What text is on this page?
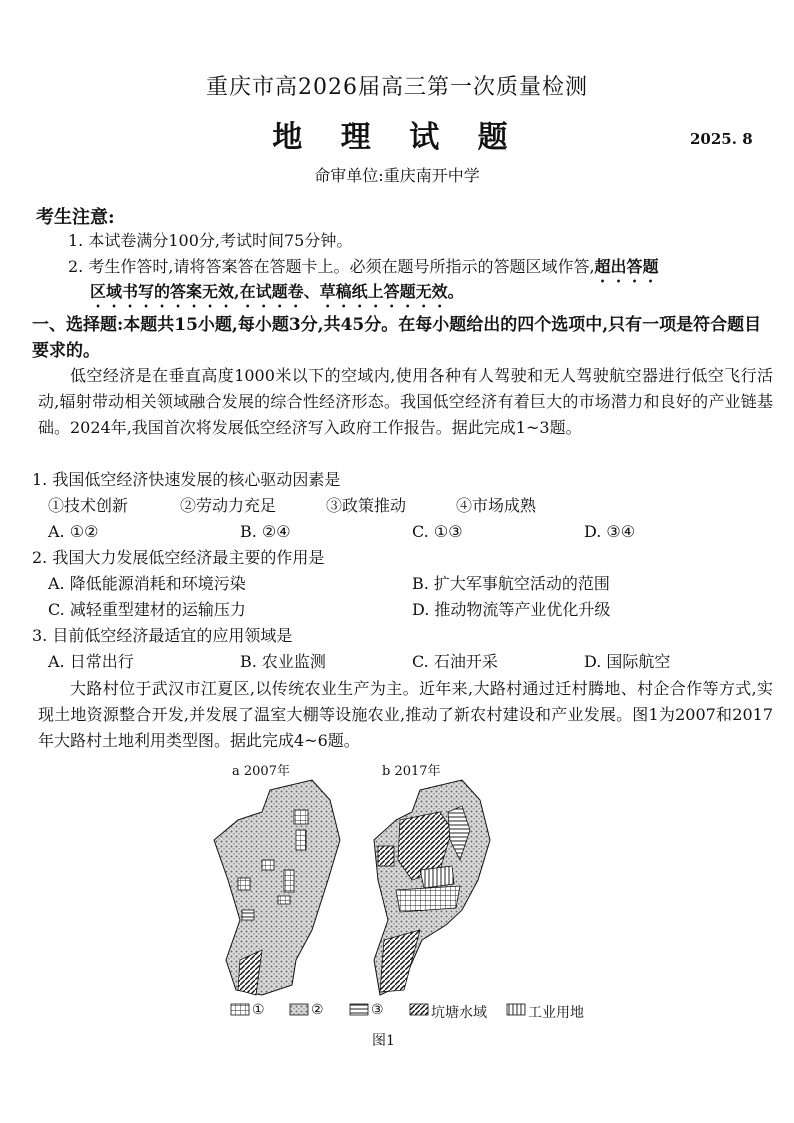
重庆市高2026届高三第一次质量检测
地 理 试 题	2025. 8
命审单位:重庆南开中学
考生注意:
1. 本试卷满分100分,考试时间75分钟。
2. 考生作答时,请将答案答在答题卡上。必须在题号所指示的答题区域作答,超出答题
区域书写的答案无效,在试题卷、草稿纸上答题无效。
一、选择题:本题共15小题,每小题3分,共45分。在每小题给出的四个选项中,只有一项是符合题目要求的。
低空经济是在垂直高度1000米以下的空域内,使用各种有人驾驶和无人驾驶航空器进行低空飞行活动,辐射带动相关领域融合发展的综合性经济形态。我国低空经济有着巨大的市场潜力和良好的产业链基础。2024年,我国首次将发展低空经济写入政府工作报告。据此完成1~3题。
1. 我国低空经济快速发展的核心驱动因素是
①技术创新	②劳动力充足	③政策推动	④市场成熟
A. ①②	B. ②④	C. ①③	D. ③④
2. 我国大力发展低空经济最主要的作用是
A. 降低能源消耗和环境污染	B. 扩大军事航空活动的范围
C. 减轻重型建材的运输压力	D. 推动物流等产业优化升级
3. 目前低空经济最适宜的应用领域是
A. 日常出行	B. 农业监测	C. 石油开采	D. 国际航空
大路村位于武汉市江夏区,以传统农业生产为主。近年来,大路村通过迁村腾地、村企合作等方式,实现土地资源整合开发,并发展了温室大棚等设施农业,推动了新农村建设和产业发展。图1为2007和2017年大路村土地利用类型图。据此完成4~6题。
a 2007年	b 2017年
①	②	③	坑塘水域	工业用地
图1
